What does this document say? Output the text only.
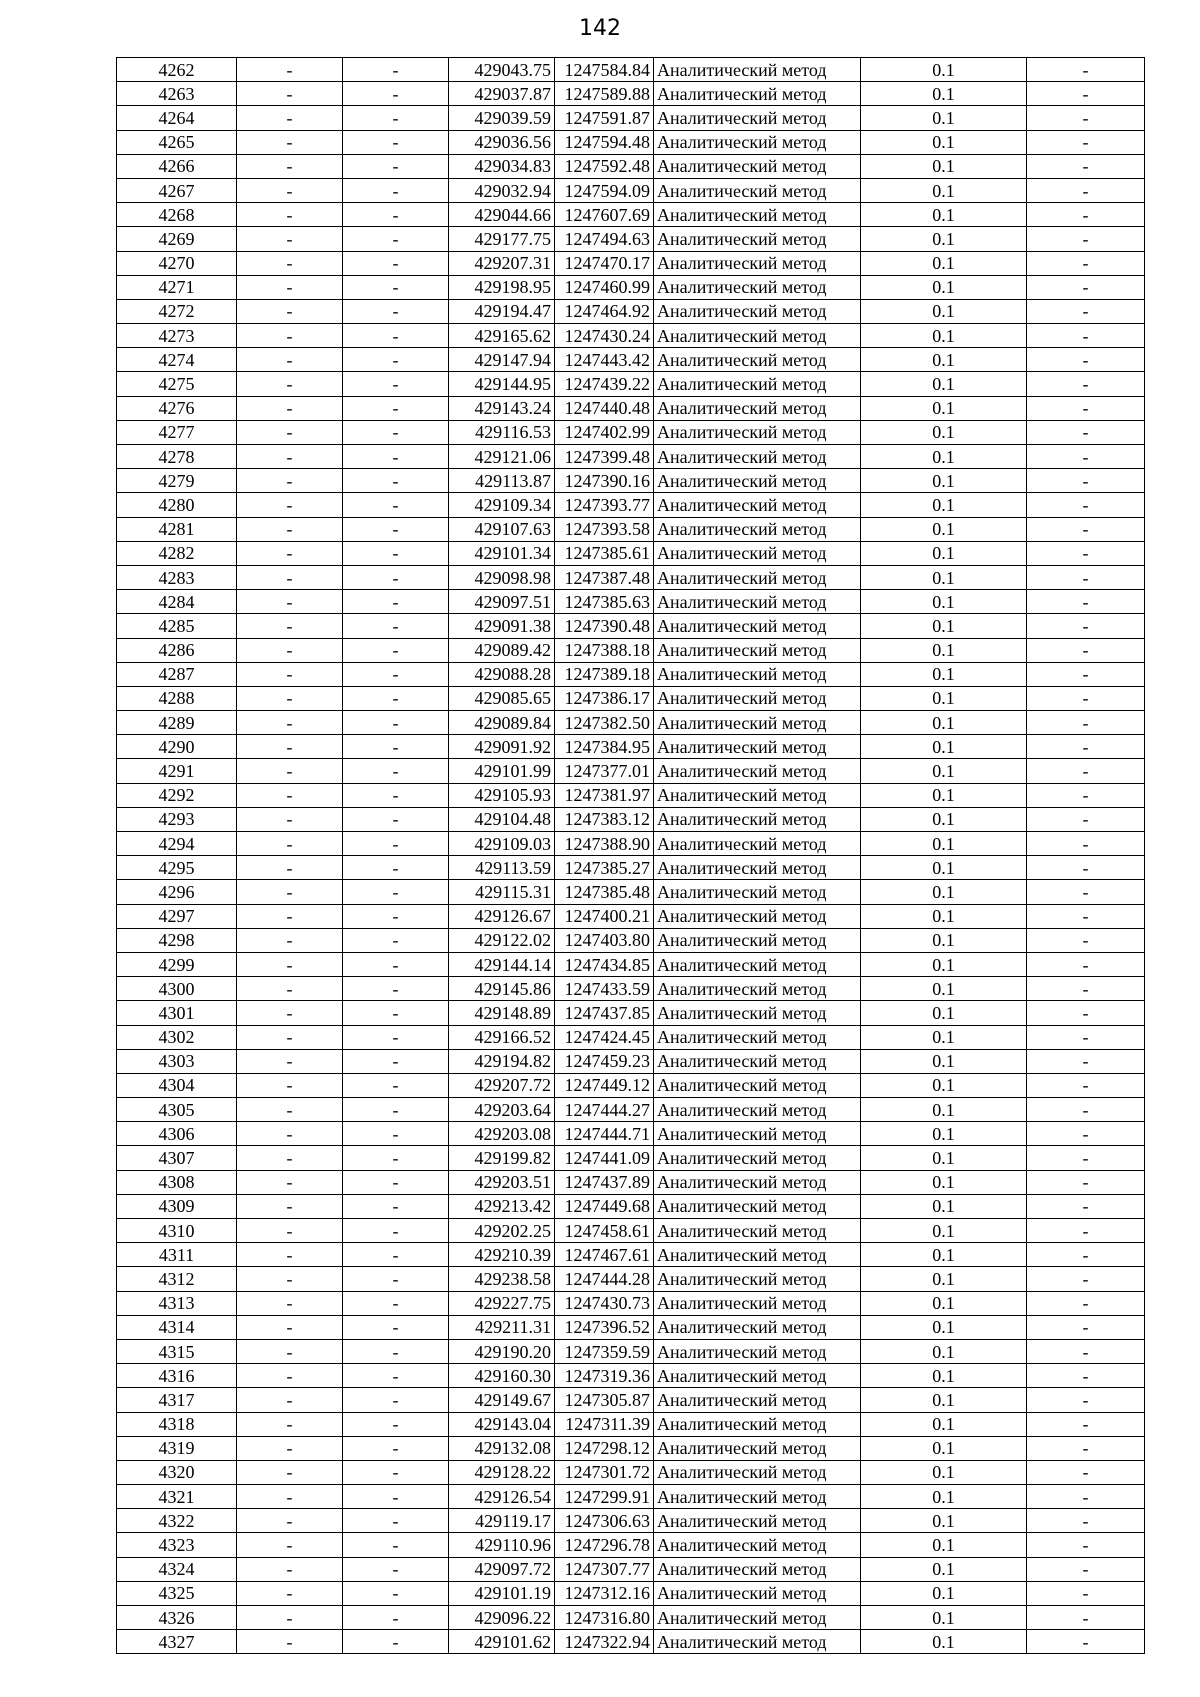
142
4262	-	-	429043.75	1247584.84	Аналитический метод	0.1	-
4263	-	-	429037.87	1247589.88	Аналитический метод	0.1	-
4264	-	-	429039.59	1247591.87	Аналитический метод	0.1	-
4265	-	-	429036.56	1247594.48	Аналитический метод	0.1	-
4266	-	-	429034.83	1247592.48	Аналитический метод	0.1	-
4267	-	-	429032.94	1247594.09	Аналитический метод	0.1	-
4268	-	-	429044.66	1247607.69	Аналитический метод	0.1	-
4269	-	-	429177.75	1247494.63	Аналитический метод	0.1	-
4270	-	-	429207.31	1247470.17	Аналитический метод	0.1	-
4271	-	-	429198.95	1247460.99	Аналитический метод	0.1	-
4272	-	-	429194.47	1247464.92	Аналитический метод	0.1	-
4273	-	-	429165.62	1247430.24	Аналитический метод	0.1	-
4274	-	-	429147.94	1247443.42	Аналитический метод	0.1	-
4275	-	-	429144.95	1247439.22	Аналитический метод	0.1	-
4276	-	-	429143.24	1247440.48	Аналитический метод	0.1	-
4277	-	-	429116.53	1247402.99	Аналитический метод	0.1	-
4278	-	-	429121.06	1247399.48	Аналитический метод	0.1	-
4279	-	-	429113.87	1247390.16	Аналитический метод	0.1	-
4280	-	-	429109.34	1247393.77	Аналитический метод	0.1	-
4281	-	-	429107.63	1247393.58	Аналитический метод	0.1	-
4282	-	-	429101.34	1247385.61	Аналитический метод	0.1	-
4283	-	-	429098.98	1247387.48	Аналитический метод	0.1	-
4284	-	-	429097.51	1247385.63	Аналитический метод	0.1	-
4285	-	-	429091.38	1247390.48	Аналитический метод	0.1	-
4286	-	-	429089.42	1247388.18	Аналитический метод	0.1	-
4287	-	-	429088.28	1247389.18	Аналитический метод	0.1	-
4288	-	-	429085.65	1247386.17	Аналитический метод	0.1	-
4289	-	-	429089.84	1247382.50	Аналитический метод	0.1	-
4290	-	-	429091.92	1247384.95	Аналитический метод	0.1	-
4291	-	-	429101.99	1247377.01	Аналитический метод	0.1	-
4292	-	-	429105.93	1247381.97	Аналитический метод	0.1	-
4293	-	-	429104.48	1247383.12	Аналитический метод	0.1	-
4294	-	-	429109.03	1247388.90	Аналитический метод	0.1	-
4295	-	-	429113.59	1247385.27	Аналитический метод	0.1	-
4296	-	-	429115.31	1247385.48	Аналитический метод	0.1	-
4297	-	-	429126.67	1247400.21	Аналитический метод	0.1	-
4298	-	-	429122.02	1247403.80	Аналитический метод	0.1	-
4299	-	-	429144.14	1247434.85	Аналитический метод	0.1	-
4300	-	-	429145.86	1247433.59	Аналитический метод	0.1	-
4301	-	-	429148.89	1247437.85	Аналитический метод	0.1	-
4302	-	-	429166.52	1247424.45	Аналитический метод	0.1	-
4303	-	-	429194.82	1247459.23	Аналитический метод	0.1	-
4304	-	-	429207.72	1247449.12	Аналитический метод	0.1	-
4305	-	-	429203.64	1247444.27	Аналитический метод	0.1	-
4306	-	-	429203.08	1247444.71	Аналитический метод	0.1	-
4307	-	-	429199.82	1247441.09	Аналитический метод	0.1	-
4308	-	-	429203.51	1247437.89	Аналитический метод	0.1	-
4309	-	-	429213.42	1247449.68	Аналитический метод	0.1	-
4310	-	-	429202.25	1247458.61	Аналитический метод	0.1	-
4311	-	-	429210.39	1247467.61	Аналитический метод	0.1	-
4312	-	-	429238.58	1247444.28	Аналитический метод	0.1	-
4313	-	-	429227.75	1247430.73	Аналитический метод	0.1	-
4314	-	-	429211.31	1247396.52	Аналитический метод	0.1	-
4315	-	-	429190.20	1247359.59	Аналитический метод	0.1	-
4316	-	-	429160.30	1247319.36	Аналитический метод	0.1	-
4317	-	-	429149.67	1247305.87	Аналитический метод	0.1	-
4318	-	-	429143.04	1247311.39	Аналитический метод	0.1	-
4319	-	-	429132.08	1247298.12	Аналитический метод	0.1	-
4320	-	-	429128.22	1247301.72	Аналитический метод	0.1	-
4321	-	-	429126.54	1247299.91	Аналитический метод	0.1	-
4322	-	-	429119.17	1247306.63	Аналитический метод	0.1	-
4323	-	-	429110.96	1247296.78	Аналитический метод	0.1	-
4324	-	-	429097.72	1247307.77	Аналитический метод	0.1	-
4325	-	-	429101.19	1247312.16	Аналитический метод	0.1	-
4326	-	-	429096.22	1247316.80	Аналитический метод	0.1	-
4327	-	-	429101.62	1247322.94	Аналитический метод	0.1	-
